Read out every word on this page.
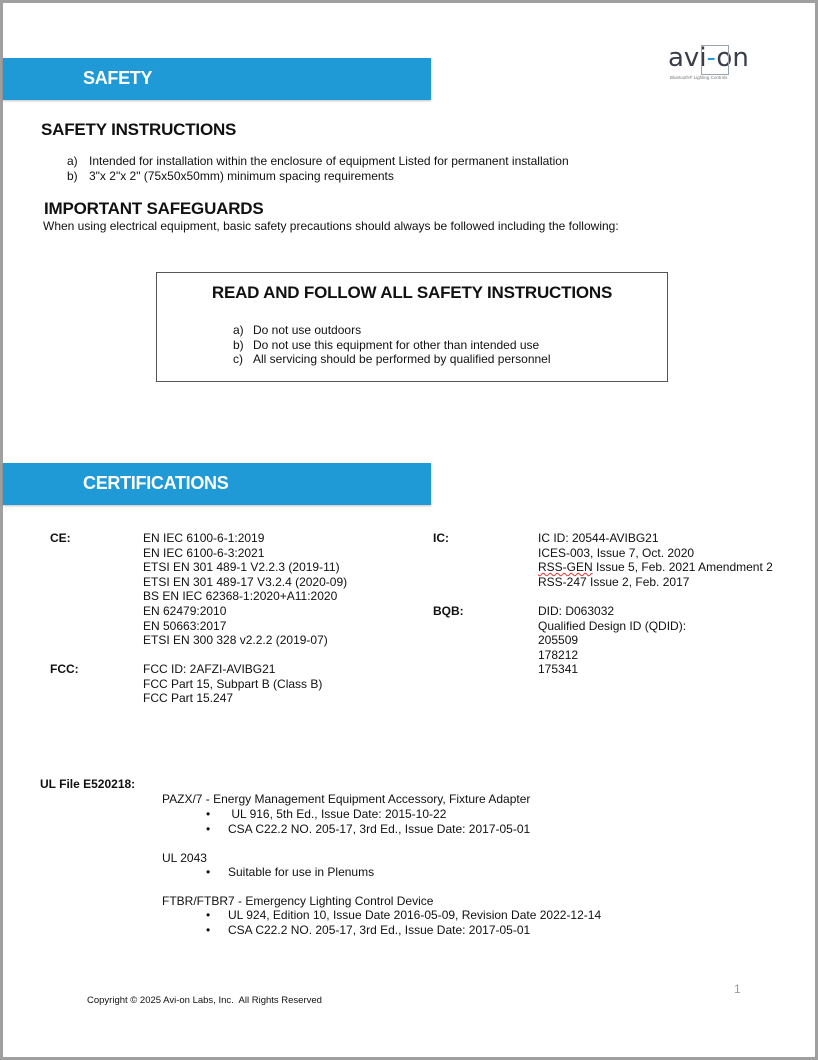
avi-on
Bluetooth® Lighting Controls
SAFETY
SAFETY INSTRUCTIONS
a) Intended for installation within the enclosure of equipment Listed for permanent installation
b) 3"x 2"x 2" (75x50x50mm) minimum spacing requirements
IMPORTANT SAFEGUARDS
When using electrical equipment, basic safety precautions should always be followed including the following:
READ AND FOLLOW ALL SAFETY INSTRUCTIONS
a) Do not use outdoors
b) Do not use this equipment for other than intended use
c) All servicing should be performed by qualified personnel
CERTIFICATIONS
CE:	EN IEC 6100-6-1:2019
EN IEC 6100-6-3:2021
ETSI EN 301 489-1 V2.2.3 (2019-11)
ETSI EN 301 489-17 V3.2.4 (2020-09)
BS EN IEC 62368-1:2020+A11:2020
EN 62479:2010
EN 50663:2017
ETSI EN 300 328 v2.2.2 (2019-07)
FCC:	FCC ID: 2AFZI-AVIBG21
FCC Part 15, Subpart B (Class B)
FCC Part 15.247
IC:	IC ID: 20544-AVIBG21
ICES-003, Issue 7, Oct. 2020
RSS-GEN Issue 5, Feb. 2021 Amendment 2
RSS-247 Issue 2, Feb. 2017
BQB:	DID: D063032
Qualified Design ID (QDID):
205509
178212
175341
UL File E520218:
PAZX/7 - Energy Management Equipment Accessory, Fixture Adapter
•	UL 916, 5th Ed., Issue Date: 2015-10-22
•	CSA C22.2 NO. 205-17, 3rd Ed., Issue Date: 2017-05-01
UL 2043
•	Suitable for use in Plenums
FTBR/FTBR7 - Emergency Lighting Control Device
•	UL 924, Edition 10, Issue Date 2016-05-09, Revision Date 2022-12-14
•	CSA C22.2 NO. 205-17, 3rd Ed., Issue Date: 2017-05-01
Copyright © 2025 Avi-on Labs, Inc.  All Rights Reserved
1
